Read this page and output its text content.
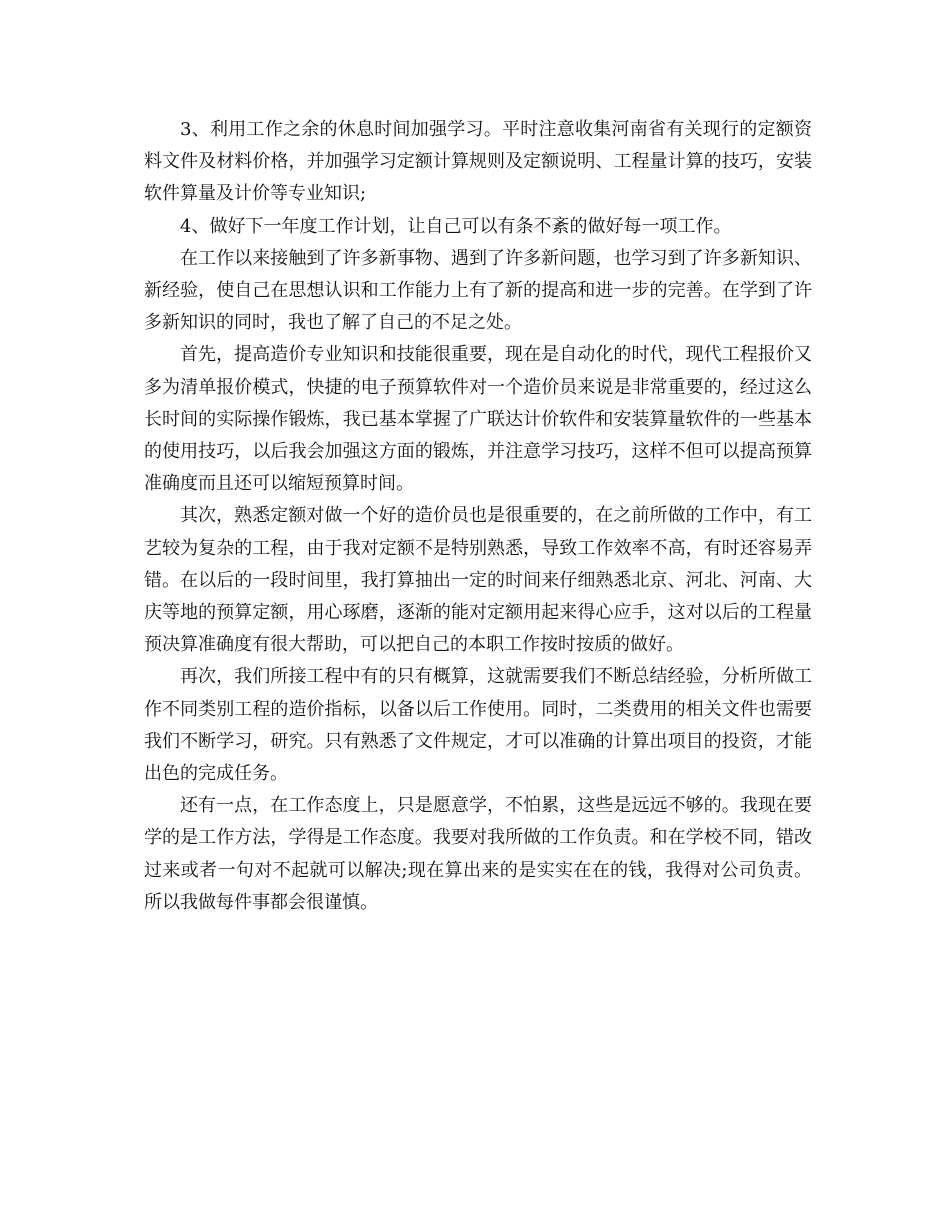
3、利用工作之余的休息时间加强学习。平时注意收集河南省有关现行的定额资料文件及材料价格，并加强学习定额计算规则及定额说明、工程量计算的技巧，安装软件算量及计价等专业知识;

4、做好下一年度工作计划，让自己可以有条不紊的做好每一项工作。

在工作以来接触到了许多新事物、遇到了许多新问题，也学习到了许多新知识、新经验，使自己在思想认识和工作能力上有了新的提高和进一步的完善。在学到了许多新知识的同时，我也了解了自己的不足之处。

首先，提高造价专业知识和技能很重要，现在是自动化的时代，现代工程报价又多为清单报价模式，快捷的电子预算软件对一个造价员来说是非常重要的，经过这么长时间的实际操作锻炼，我已基本掌握了广联达计价软件和安装算量软件的一些基本的使用技巧，以后我会加强这方面的锻炼，并注意学习技巧，这样不但可以提高预算准确度而且还可以缩短预算时间。

其次，熟悉定额对做一个好的造价员也是很重要的，在之前所做的工作中，有工艺较为复杂的工程，由于我对定额不是特别熟悉，导致工作效率不高，有时还容易弄错。在以后的一段时间里，我打算抽出一定的时间来仔细熟悉北京、河北、河南、大庆等地的预算定额，用心琢磨，逐渐的能对定额用起来得心应手，这对以后的工程量预决算准确度有很大帮助，可以把自己的本职工作按时按质的做好。

再次，我们所接工程中有的只有概算，这就需要我们不断总结经验，分析所做工作不同类别工程的造价指标，以备以后工作使用。同时，二类费用的相关文件也需要我们不断学习，研究。只有熟悉了文件规定，才可以准确的计算出项目的投资，才能出色的完成任务。

还有一点，在工作态度上，只是愿意学，不怕累，这些是远远不够的。我现在要学的是工作方法，学得是工作态度。我要对我所做的工作负责。和在学校不同，错改过来或者一句对不起就可以解决;现在算出来的是实实在在的钱，我得对公司负责。所以我做每件事都会很谨慎。
